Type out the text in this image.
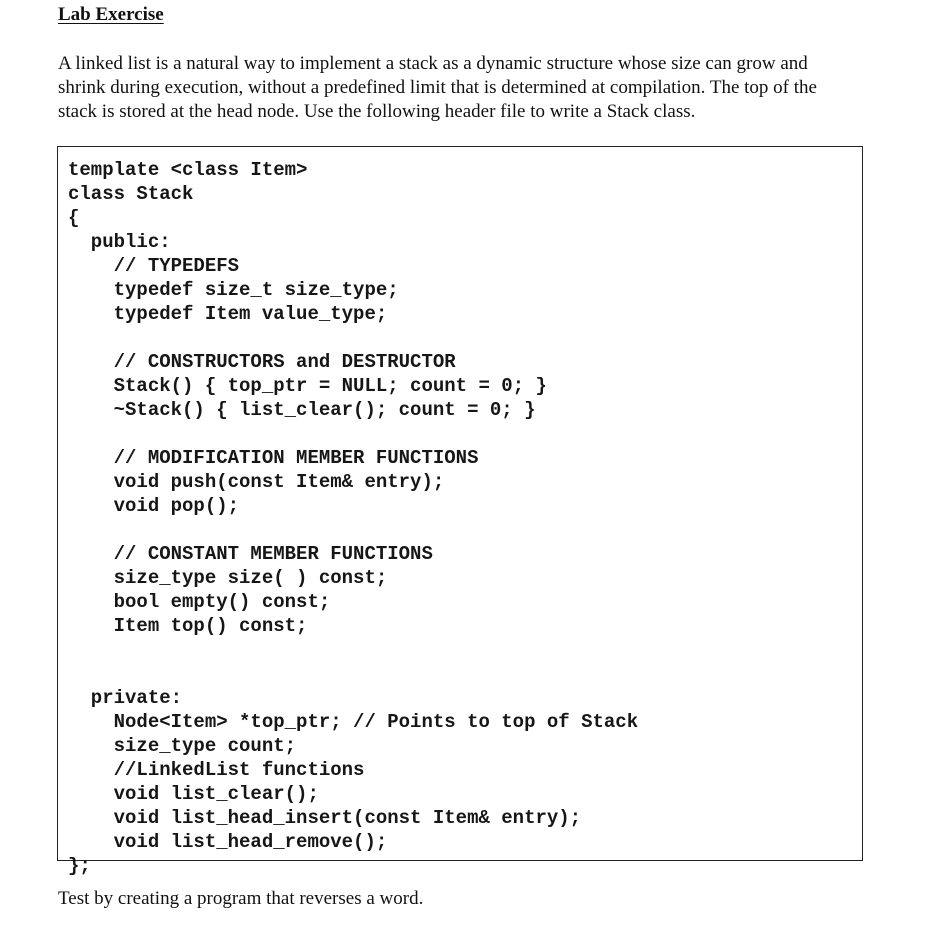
Lab Exercise
A linked list is a natural way to implement a stack as a dynamic structure whose size can grow and
shrink during execution, without a predefined limit that is determined at compilation. The top of the
stack is stored at the head node. Use the following header file to write a Stack class.
template <class Item>
class Stack
{
public:
// TYPEDEFS
typedef size_t size_type;
typedef Item value_type;
// CONSTRUCTORS and DESTRUCTOR
Stack() { top_ptr = NULL; count = 0; }
~Stack() { list_clear(); count = 0; }
// MODIFICATION MEMBER FUNCTIONS
void push(const Item& entry);
void pop();
// CONSTANT MEMBER FUNCTIONS
size_type size( ) const;
bool empty() const;
Item top() const;
private:
Node<Item> *top_ptr; // Points to top of Stack
size_type count;
//LinkedList functions
void list_clear();
void list_head_insert(const Item& entry);
void list_head_remove();
};
Test by creating a program that reverses a word.
